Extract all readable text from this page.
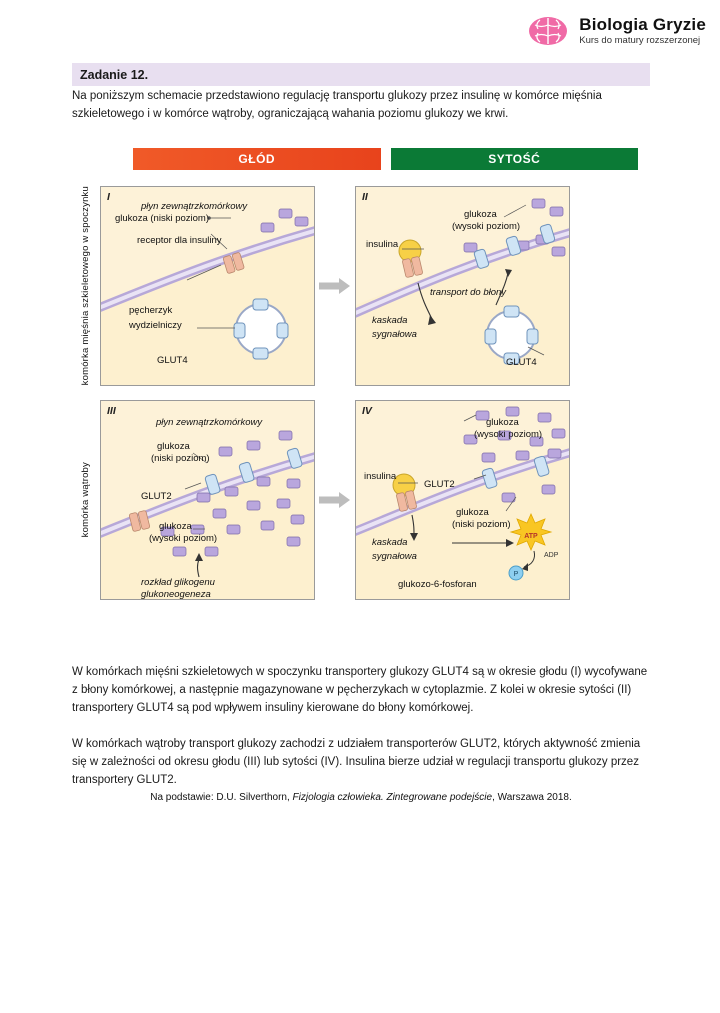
Biologia Gryzie
Kurs do matury rozszerzonej
Zadanie 12.
Na poniższym schemacie przedstawiono regulację transportu glukozy przez insulinę w komórce mięśnia szkieletowego i w komórce wątroby, ograniczającą wahania poziomu glukozy we krwi.
GŁÓD	SYTOŚĆ
komórka mięśnia szkieletowego w spoczynku I
płyn zewnątrzkomórkowy
glukoza (niski poziom)
receptor dla insuliny
pęcherzyk
wydzielniczy
GLUT4
II
glukoza
(wysoki poziom)
insulina
transport do błony
kaskada
sygnałowa
GLUT4
komórka wątroby
III
płyn zewnątrzkomórkowy
glukoza
(niski poziom)
GLUT2
glukoza
(wysoki poziom)
rozkład glikogenu
glukoneogeneza
IV
ATP
P
ADP
glukoza
(wysoki poziom)
insulina
GLUT2
glukoza
(niski poziom)
kaskada
sygnałowa
glukozo-6-fosforan
W komórkach mięśni szkieletowych w spoczynku transportery glukozy GLUT4 są w okresie głodu (I) wycofywane z błony komórkowej, a następnie magazynowane w pęcherzykach w cytoplazmie. Z kolei w okresie sytości (II) transportery GLUT4 są pod wpływem insuliny kierowane do błony komórkowej.
W komórkach wątroby transport glukozy zachodzi z udziałem transporterów GLUT2, których aktywność zmienia się w zależności od okresu głodu (III) lub sytości (IV). Insulina bierze udział w regulacji transportu glukozy przez transportery GLUT2.
Na podstawie: D.U. Silverthorn, Fizjologia człowieka. Zintegrowane podejście, Warszawa 2018.
